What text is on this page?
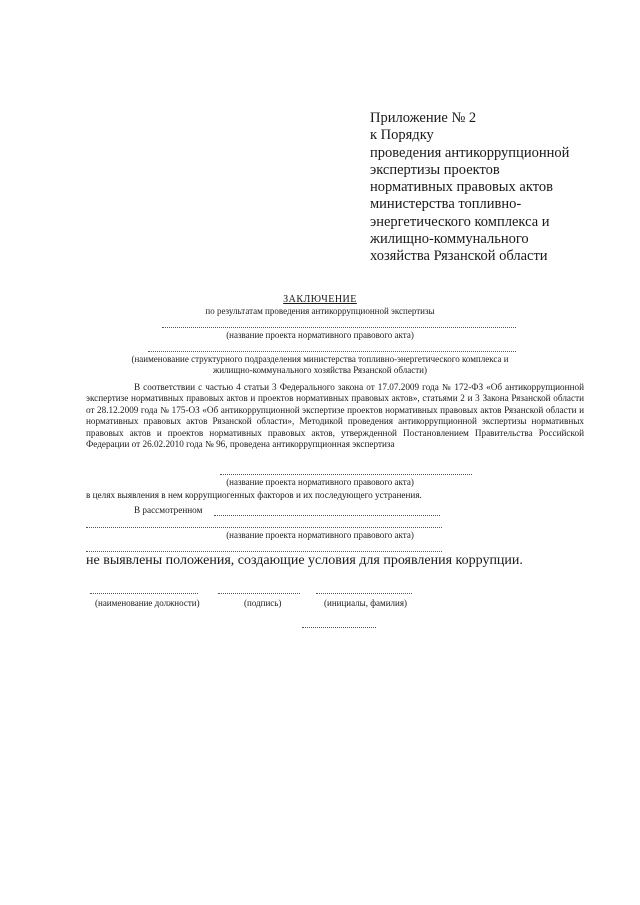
Приложение № 2
к Порядку
проведения антикоррупционной
экспертизы проектов
нормативных правовых актов
министерства топливно-
энергетического комплекса и
жилищно-коммунального
хозяйства Рязанской области
ЗАКЛЮЧЕНИЕ
по результатам проведения антикоррупционной экспертизы
(название проекта нормативного правового акта)
(наименование структурного подразделения министерства топливно-энергетического комплекса и
жилищно-коммунального хозяйства Рязанской области)
В соответствии с частью 4 статьи 3 Федерального закона от 17.07.2009 года № 172-ФЗ «Об антикоррупционной экспертизе нормативных правовых актов и проектов нормативных правовых актов», статьями 2 и 3 Закона Рязанской области от 28.12.2009 года № 175-ОЗ «Об антикоррупционной экспертизе проектов нормативных правовых актов Рязанской области и нормативных правовых актов Рязанской области», Методикой проведения антикоррупционной экспертизы нормативных правовых актов и проектов нормативных правовых актов, утвержденной Постановлением Правительства Российской Федерации от 26.02.2010 года № 96, проведена антикоррупционная экспертиза
(название проекта нормативного правового акта)
в целях выявления в нем коррупциогенных факторов и их последующего устранения.
В рассмотренном
(название проекта нормативного правового акта)
не выявлены положения, создающие условия для проявления коррупции.
(наименование должности)	(подпись)	(инициалы, фамилия)
